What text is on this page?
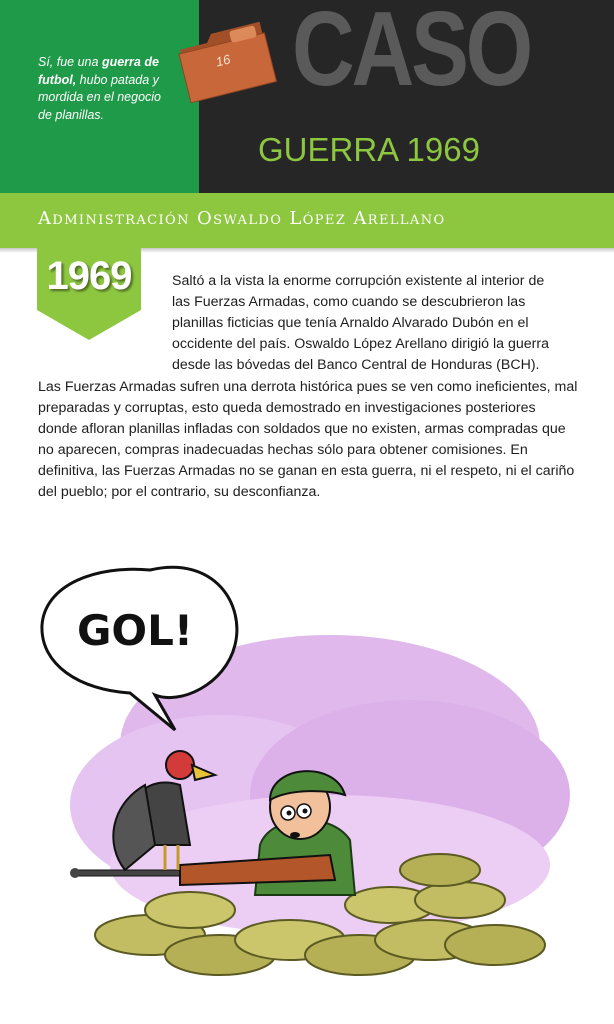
Sí, fue una guerra de futbol, hubo patada y mordida en el negocio de planillas.
16 CASO
GUERRA 1969
Administración Oswaldo López Arellano
1969	Saltó a la vista la enorme corrupción existente al interior de las Fuerzas Armadas, como cuando se descubrieron las planillas ficticias que tenía Arnaldo Alvarado Dubón en el occidente del país. Oswaldo López Arellano dirigió la guerra desde las bóvedas del Banco Central de Honduras (BCH).

Las Fuerzas Armadas sufren una derrota histórica pues se ven como ineficientes, mal preparadas y corruptas, esto queda demostrado en investigaciones posteriores donde afloran planillas infladas con soldados que no existen, armas compradas que no aparecen, compras inadecuadas hechas sólo para obtener comisiones. En definitiva, las Fuerzas Armadas no se ganan en esta guerra, ni el respeto, ni el cariño del pueblo; por el contrario, su desconfianza.

GOL!
